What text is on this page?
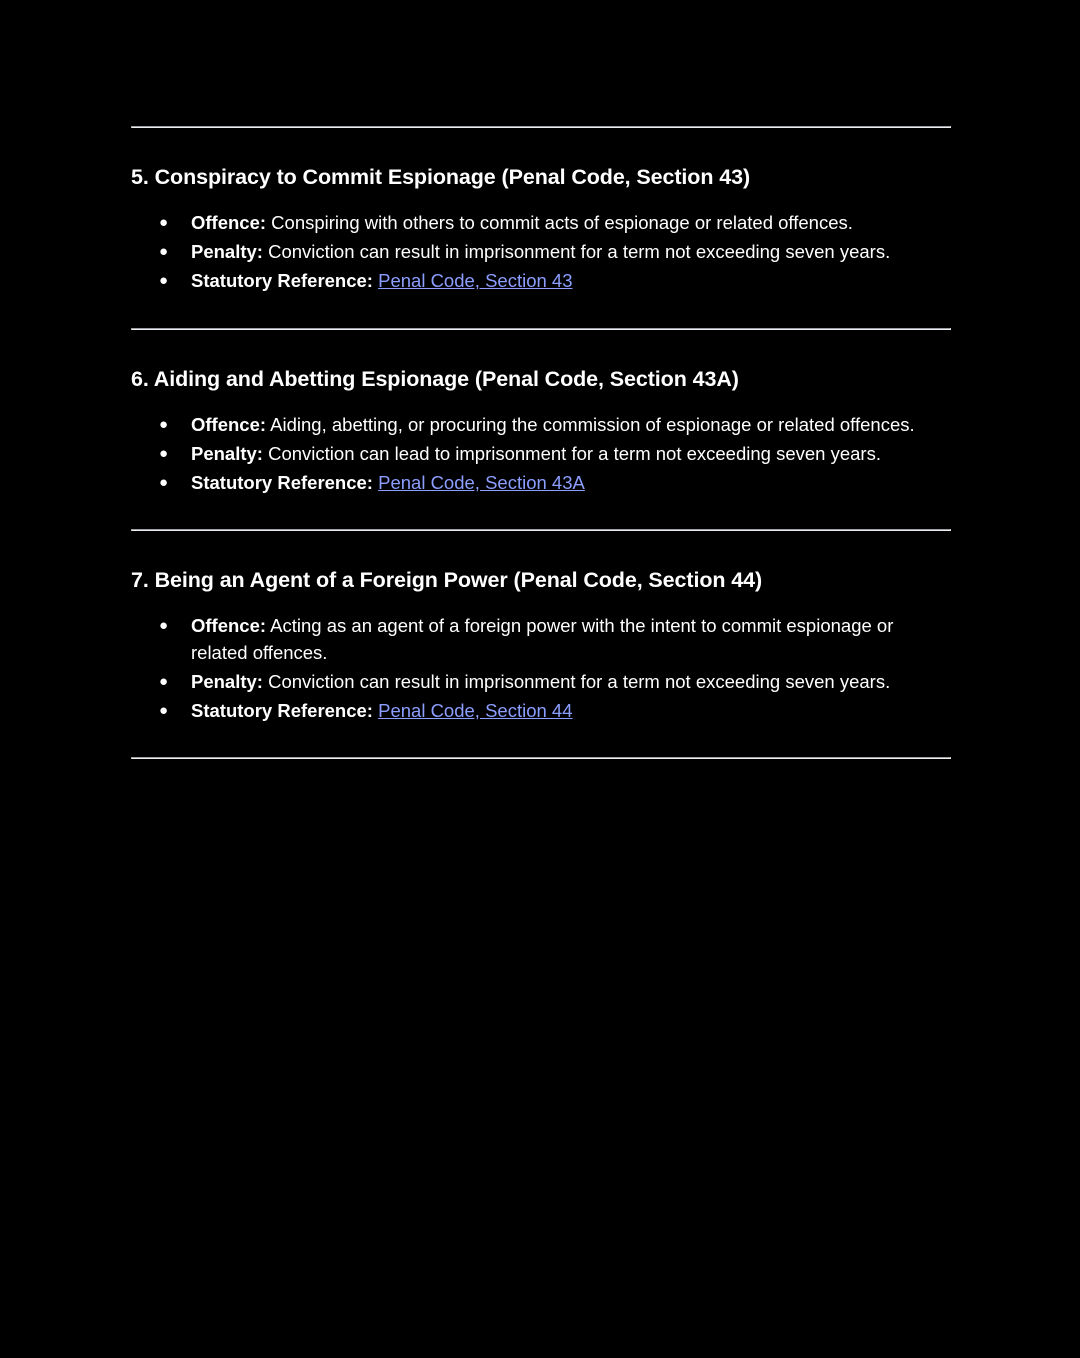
5. Conspiracy to Commit Espionage (Penal Code, Section 43)
● Offence: Conspiring with others to commit acts of espionage or related offences.
● Penalty: Conviction can result in imprisonment for a term not exceeding seven years.
● Statutory Reference: Penal Code, Section 43
6. Aiding and Abetting Espionage (Penal Code, Section 43A)
● Offence: Aiding, abetting, or procuring the commission of espionage or related offences.
● Penalty: Conviction can lead to imprisonment for a term not exceeding seven years.
● Statutory Reference: Penal Code, Section 43A
7. Being an Agent of a Foreign Power (Penal Code, Section 44)
● Offence: Acting as an agent of a foreign power with the intent to commit espionage or related offences.
● Penalty: Conviction can result in imprisonment for a term not exceeding seven years.
● Statutory Reference: Penal Code, Section 44
